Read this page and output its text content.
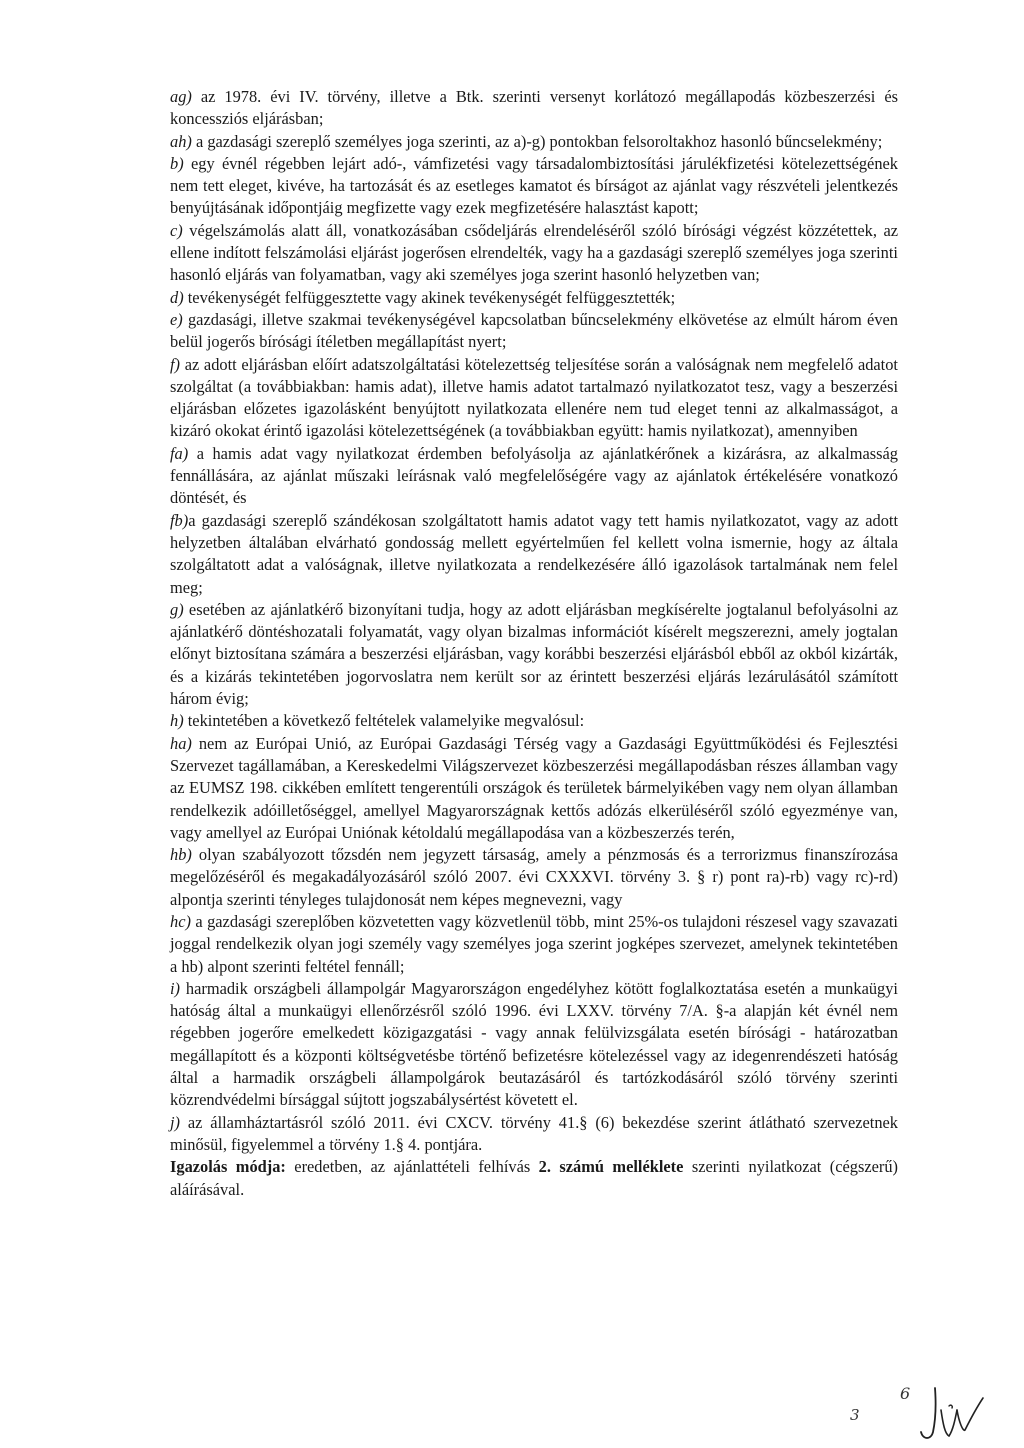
ag) az 1978. évi IV. törvény, illetve a Btk. szerinti versenyt korlátozó megállapodás közbeszerzési és koncessziós eljárásban;

ah) a gazdasági szereplő személyes joga szerinti, az a)-g) pontokban felsoroltakhoz hasonló bűncselekmény;

b) egy évnél régebben lejárt adó-, vámfizetési vagy társadalombiztosítási járulékfizetési kötelezettségének nem tett eleget, kivéve, ha tartozását és az esetleges kamatot és bírságot az ajánlat vagy részvételi jelentkezés benyújtásának időpontjáig megfizette vagy ezek megfizetésére halasztást kapott;

c) végelszámolás alatt áll, vonatkozásában csődeljárás elrendeléséről szóló bírósági végzést közzétettek, az ellene indított felszámolási eljárást jogerősen elrendelték, vagy ha a gazdasági szereplő személyes joga szerinti hasonló eljárás van folyamatban, vagy aki személyes joga szerint hasonló helyzetben van;

d) tevékenységét felfüggesztette vagy akinek tevékenységét felfüggesztették;

e) gazdasági, illetve szakmai tevékenységével kapcsolatban bűncselekmény elkövetése az elmúlt három éven belül jogerős bírósági ítéletben megállapítást nyert;

f) az adott eljárásban előírt adatszolgáltatási kötelezettség teljesítése során a valóságnak nem megfelelő adatot szolgáltat (a továbbiakban: hamis adat), illetve hamis adatot tartalmazó nyilatkozatot tesz, vagy a beszerzési eljárásban előzetes igazolásként benyújtott nyilatkozata ellenére nem tud eleget tenni az alkalmasságot, a kizáró okokat érintő igazolási kötelezettségének (a továbbiakban együtt: hamis nyilatkozat), amennyiben

fa) a hamis adat vagy nyilatkozat érdemben befolyásolja az ajánlatkérőnek a kizárásra, az alkalmasság fennállására, az ajánlat műszaki leírásnak való megfelelőségére vagy az ajánlatok értékelésére vonatkozó döntését, és

fb)a gazdasági szereplő szándékosan szolgáltatott hamis adatot vagy tett hamis nyilatkozatot, vagy az adott helyzetben általában elvárható gondosság mellett egyértelműen fel kellett volna ismernie, hogy az általa szolgáltatott adat a valóságnak, illetve nyilatkozata a rendelkezésére álló igazolások tartalmának nem felel meg;

g) esetében az ajánlatkérő bizonyítani tudja, hogy az adott eljárásban megkísérelte jogtalanul befolyásolni az ajánlatkérő döntéshozatali folyamatát, vagy olyan bizalmas információt kísérelt megszerezni, amely jogtalan előnyt biztosítana számára a beszerzési eljárásban, vagy korábbi beszerzési eljárásból ebből az okból kizárták, és a kizárás tekintetében jogorvoslatra nem került sor az érintett beszerzési eljárás lezárulásától számított három évig;

h) tekintetében a következő feltételek valamelyike megvalósul:

ha) nem az Európai Unió, az Európai Gazdasági Térség vagy a Gazdasági Együttműködési és Fejlesztési Szervezet tagállamában, a Kereskedelmi Világszervezet közbeszerzési megállapodásban részes államban vagy az EUMSZ 198. cikkében említett tengerentúli országok és területek bármelyikében vagy nem olyan államban rendelkezik adóilletőséggel, amellyel Magyarországnak kettős adózás elkerüléséről szóló egyezménye van, vagy amellyel az Európai Uniónak kétoldalú megállapodása van a közbeszerzés terén,

hb) olyan szabályozott tőzsdén nem jegyzett társaság, amely a pénzmosás és a terrorizmus finanszírozása megelőzéséről és megakadályozásáról szóló 2007. évi CXXXVI. törvény 3. § r) pont ra)-rb) vagy rc)-rd) alpontja szerinti tényleges tulajdonosát nem képes megnevezni, vagy

hc) a gazdasági szereplőben közvetetten vagy közvetlenül több, mint 25%-os tulajdoni részesel vagy szavazati joggal rendelkezik olyan jogi személy vagy személyes joga szerint jogképes szervezet, amelynek tekintetében a hb) alpont szerinti feltétel fennáll;

i) harmadik országbeli állampolgár Magyarországon engedélyhez kötött foglalkoztatása esetén a munkaügyi hatóság által a munkaügyi ellenőrzésről szóló 1996. évi LXXV. törvény 7/A. §-a alapján két évnél nem régebben jogerőre emelkedett közigazgatási - vagy annak felülvizsgálata esetén bírósági - határozatban megállapított és a központi költségvetésbe történő befizetésre kötelezéssel vagy az idegenrendészeti hatóság által a harmadik országbeli állampolgárok beutazásáról és tartózkodásáról szóló törvény szerinti közrendvédelmi bírsággal sújtott jogszabálysértést követett el.

j) az államháztartásról szóló 2011. évi CXCV. törvény 41.§ (6) bekezdése szerint átlátható szervezetnek minősül, figyelemmel a törvény 1.§ 4. pontjára.

Igazolás módja: eredetben, az ajánlattételi felhívás 2. számú melléklete szerinti nyilatkozat (cégszerű) aláírásával.

6
3
